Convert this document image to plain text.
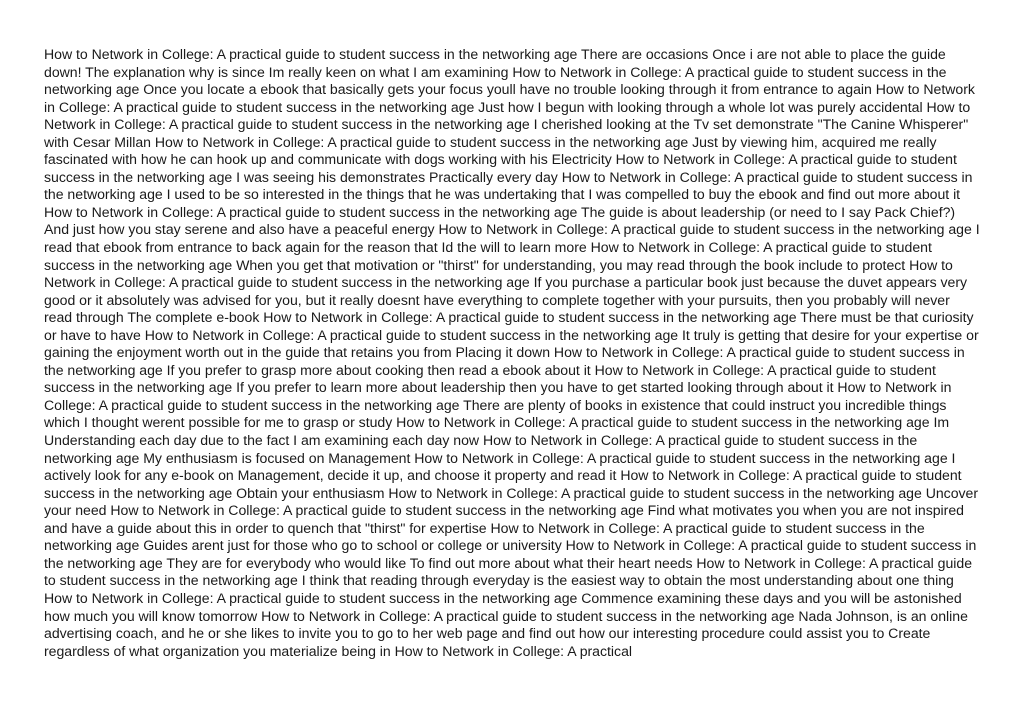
How to Network in College: A practical guide to student success in the networking age There are occasions Once i are not able to place the guide down! The explanation why is since Im really keen on what I am examining How to Network in College: A practical guide to student success in the networking age Once you locate a ebook that basically gets your focus youll have no trouble looking through it from entrance to again How to Network in College: A practical guide to student success in the networking age Just how I begun with looking through a whole lot was purely accidental How to Network in College: A practical guide to student success in the networking age I cherished looking at the Tv set demonstrate "The Canine Whisperer" with Cesar Millan How to Network in College: A practical guide to student success in the networking age Just by viewing him, acquired me really fascinated with how he can hook up and communicate with dogs working with his Electricity How to Network in College: A practical guide to student success in the networking age I was seeing his demonstrates Practically every day How to Network in College: A practical guide to student success in the networking age I used to be so interested in the things that he was undertaking that I was compelled to buy the ebook and find out more about it How to Network in College: A practical guide to student success in the networking age The guide is about leadership (or need to I say Pack Chief?) And just how you stay serene and also have a peaceful energy How to Network in College: A practical guide to student success in the networking age I read that ebook from entrance to back again for the reason that Id the will to learn more How to Network in College: A practical guide to student success in the networking age When you get that motivation or "thirst" for understanding, you may read through the book include to protect How to Network in College: A practical guide to student success in the networking age If you purchase a particular book just because the duvet appears very good or it absolutely was advised for you, but it really doesnt have everything to complete together with your pursuits, then you probably will never read through The complete e-book How to Network in College: A practical guide to student success in the networking age There must be that curiosity or have to have How to Network in College: A practical guide to student success in the networking age It truly is getting that desire for your expertise or gaining the enjoyment worth out in the guide that retains you from Placing it down How to Network in College: A practical guide to student success in the networking age If you prefer to grasp more about cooking then read a ebook about it How to Network in College: A practical guide to student success in the networking age If you prefer to learn more about leadership then you have to get started looking through about it How to Network in College: A practical guide to student success in the networking age There are plenty of books in existence that could instruct you incredible things which I thought werent possible for me to grasp or study How to Network in College: A practical guide to student success in the networking age Im Understanding each day due to the fact I am examining each day now How to Network in College: A practical guide to student success in the networking age My enthusiasm is focused on Management How to Network in College: A practical guide to student success in the networking age I actively look for any e-book on Management, decide it up, and choose it property and read it How to Network in College: A practical guide to student success in the networking age Obtain your enthusiasm How to Network in College: A practical guide to student success in the networking age Uncover your need How to Network in College: A practical guide to student success in the networking age Find what motivates you when you are not inspired and have a guide about this in order to quench that "thirst" for expertise How to Network in College: A practical guide to student success in the networking age Guides arent just for those who go to school or college or university How to Network in College: A practical guide to student success in the networking age They are for everybody who would like To find out more about what their heart needs How to Network in College: A practical guide to student success in the networking age I think that reading through everyday is the easiest way to obtain the most understanding about one thing How to Network in College: A practical guide to student success in the networking age Commence examining these days and you will be astonished how much you will know tomorrow How to Network in College: A practical guide to student success in the networking age Nada Johnson, is an online advertising coach, and he or she likes to invite you to go to her web page and find out how our interesting procedure could assist you to Create regardless of what organization you materialize being in How to Network in College: A practical
